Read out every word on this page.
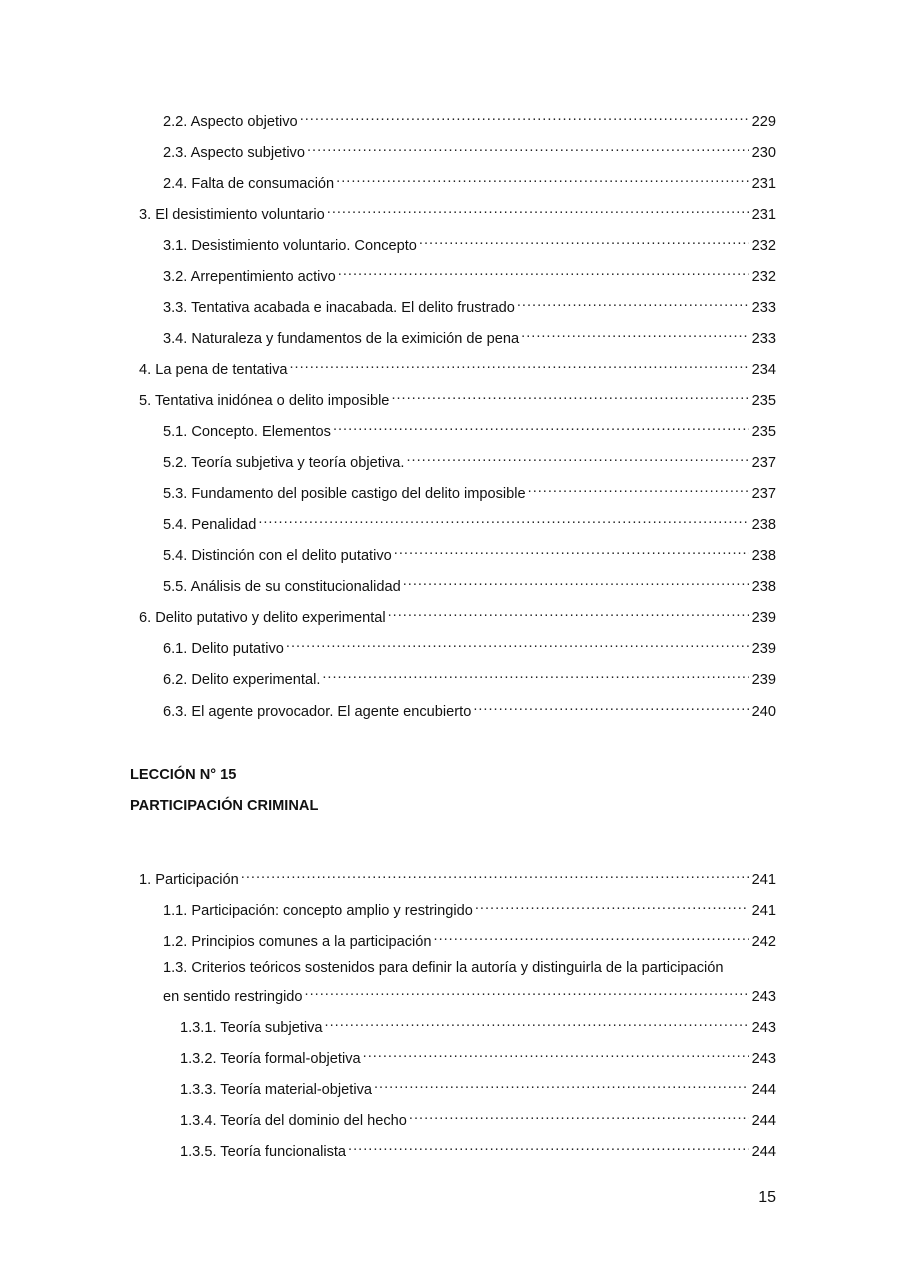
2.2. Aspecto objetivo .....	229
2.3. Aspecto subjetivo .....	230
2.4. Falta de consumación .....	231
3. El desistimiento voluntario .....	231
3.1. Desistimiento voluntario. Concepto .....	232
3.2. Arrepentimiento activo .....	232
3.3. Tentativa acabada e inacabada. El delito frustrado .....	233
3.4. Naturaleza y fundamentos de la eximición de pena .....	233
4. La pena de tentativa .....	234
5. Tentativa inidónea o delito imposible .....	235
5.1. Concepto. Elementos .....	235
5.2. Teoría subjetiva y teoría objetiva. .....	237
5.3. Fundamento del posible castigo del delito imposible .....	237
5.4. Penalidad .....	238
5.4. Distinción con el delito putativo .....	238
5.5. Análisis de su constitucionalidad .....	238
6. Delito putativo y delito experimental .....	239
6.1. Delito putativo .....	239
6.2. Delito experimental. .....	239
6.3. El agente provocador. El agente encubierto .....	240
LECCIÓN N° 15
PARTICIPACIÓN CRIMINAL
1. Participación .....	241
1.1. Participación: concepto amplio y restringido .....	241
1.2. Principios comunes a la participación .....	242
1.3. Criterios teóricos sostenidos para definir la autoría y distinguirla de la participación
en sentido restringido .....	243
1.3.1. Teoría subjetiva .....	243
1.3.2. Teoría formal-objetiva .....	243
1.3.3. Teoría material-objetiva .....	244
1.3.4. Teoría del dominio del hecho .....	244
1.3.5. Teoría funcionalista .....	244
15
